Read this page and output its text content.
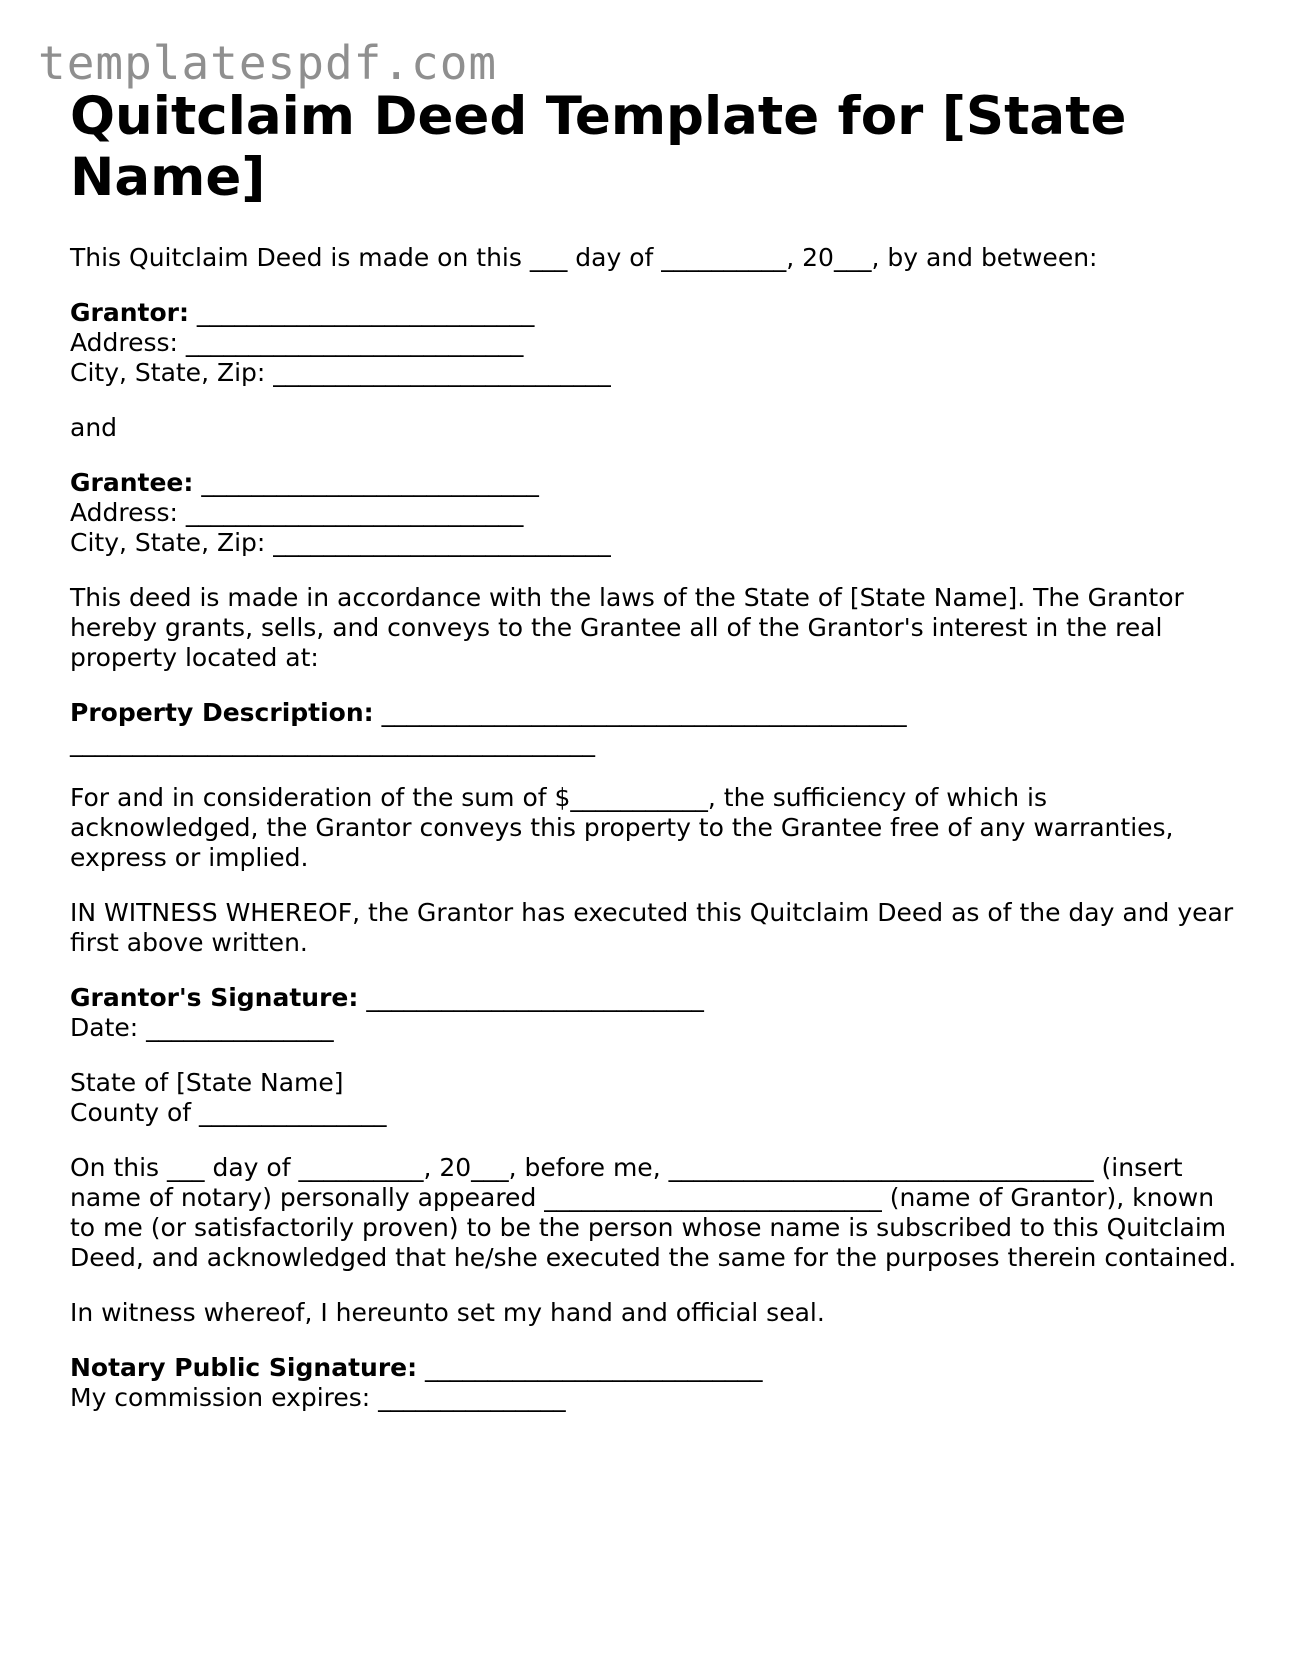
templatespdf.com
Quitclaim Deed Template for [State Name]

This Quitclaim Deed is made on this ___ day of __________, 20___, by and between:

Grantor: ___________________________
Address: ___________________________
City, State, Zip: ___________________________

and

Grantee: ___________________________
Address: ___________________________
City, State, Zip: ___________________________

This deed is made in accordance with the laws of the State of [State Name]. The Grantor hereby grants, sells, and conveys to the Grantee all of the Grantor's interest in the real property located at:

Property Description: __________________________________________
__________________________________________

For and in consideration of the sum of $___________, the sufficiency of which is acknowledged, the Grantor conveys this property to the Grantee free of any warranties, express or implied.

IN WITNESS WHEREOF, the Grantor has executed this Quitclaim Deed as of the day and year first above written.

Grantor's Signature: ___________________________
Date: _______________
State of [State Name]
County of _______________

On this ___ day of __________, 20___, before me, __________________________________ (insert name of notary) personally appeared ___________________________ (name of Grantor), known to me (or satisfactorily proven) to be the person whose name is subscribed to this Quitclaim Deed, and acknowledged that he/she executed the same for the purposes therein contained.

In witness whereof, I hereunto set my hand and official seal.

Notary Public Signature: ___________________________
My commission expires: _______________
